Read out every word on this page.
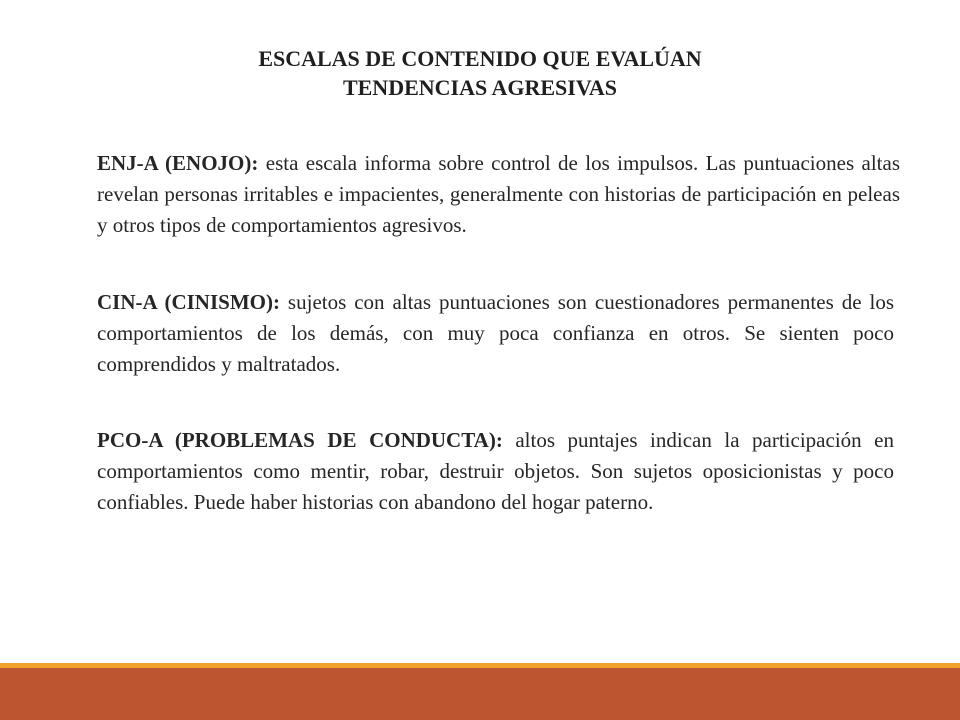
ESCALAS DE CONTENIDO QUE EVALÚAN
TENDENCIAS AGRESIVAS

ENJ-A (ENOJO): esta escala informa sobre control de los impulsos. Las puntuaciones altas revelan personas irritables e impacientes, generalmente con historias de participación en peleas y otros tipos de comportamientos agresivos.

CIN-A (CINISMO): sujetos con altas puntuaciones son cuestionadores permanentes de los comportamientos de los demás, con muy poca confianza en otros. Se sienten poco comprendidos y maltratados.

PCO-A (PROBLEMAS DE CONDUCTA): altos puntajes indican la participación en comportamientos como mentir, robar, destruir objetos. Son sujetos oposicionistas y poco confiables. Puede haber historias con abandono del hogar paterno.
